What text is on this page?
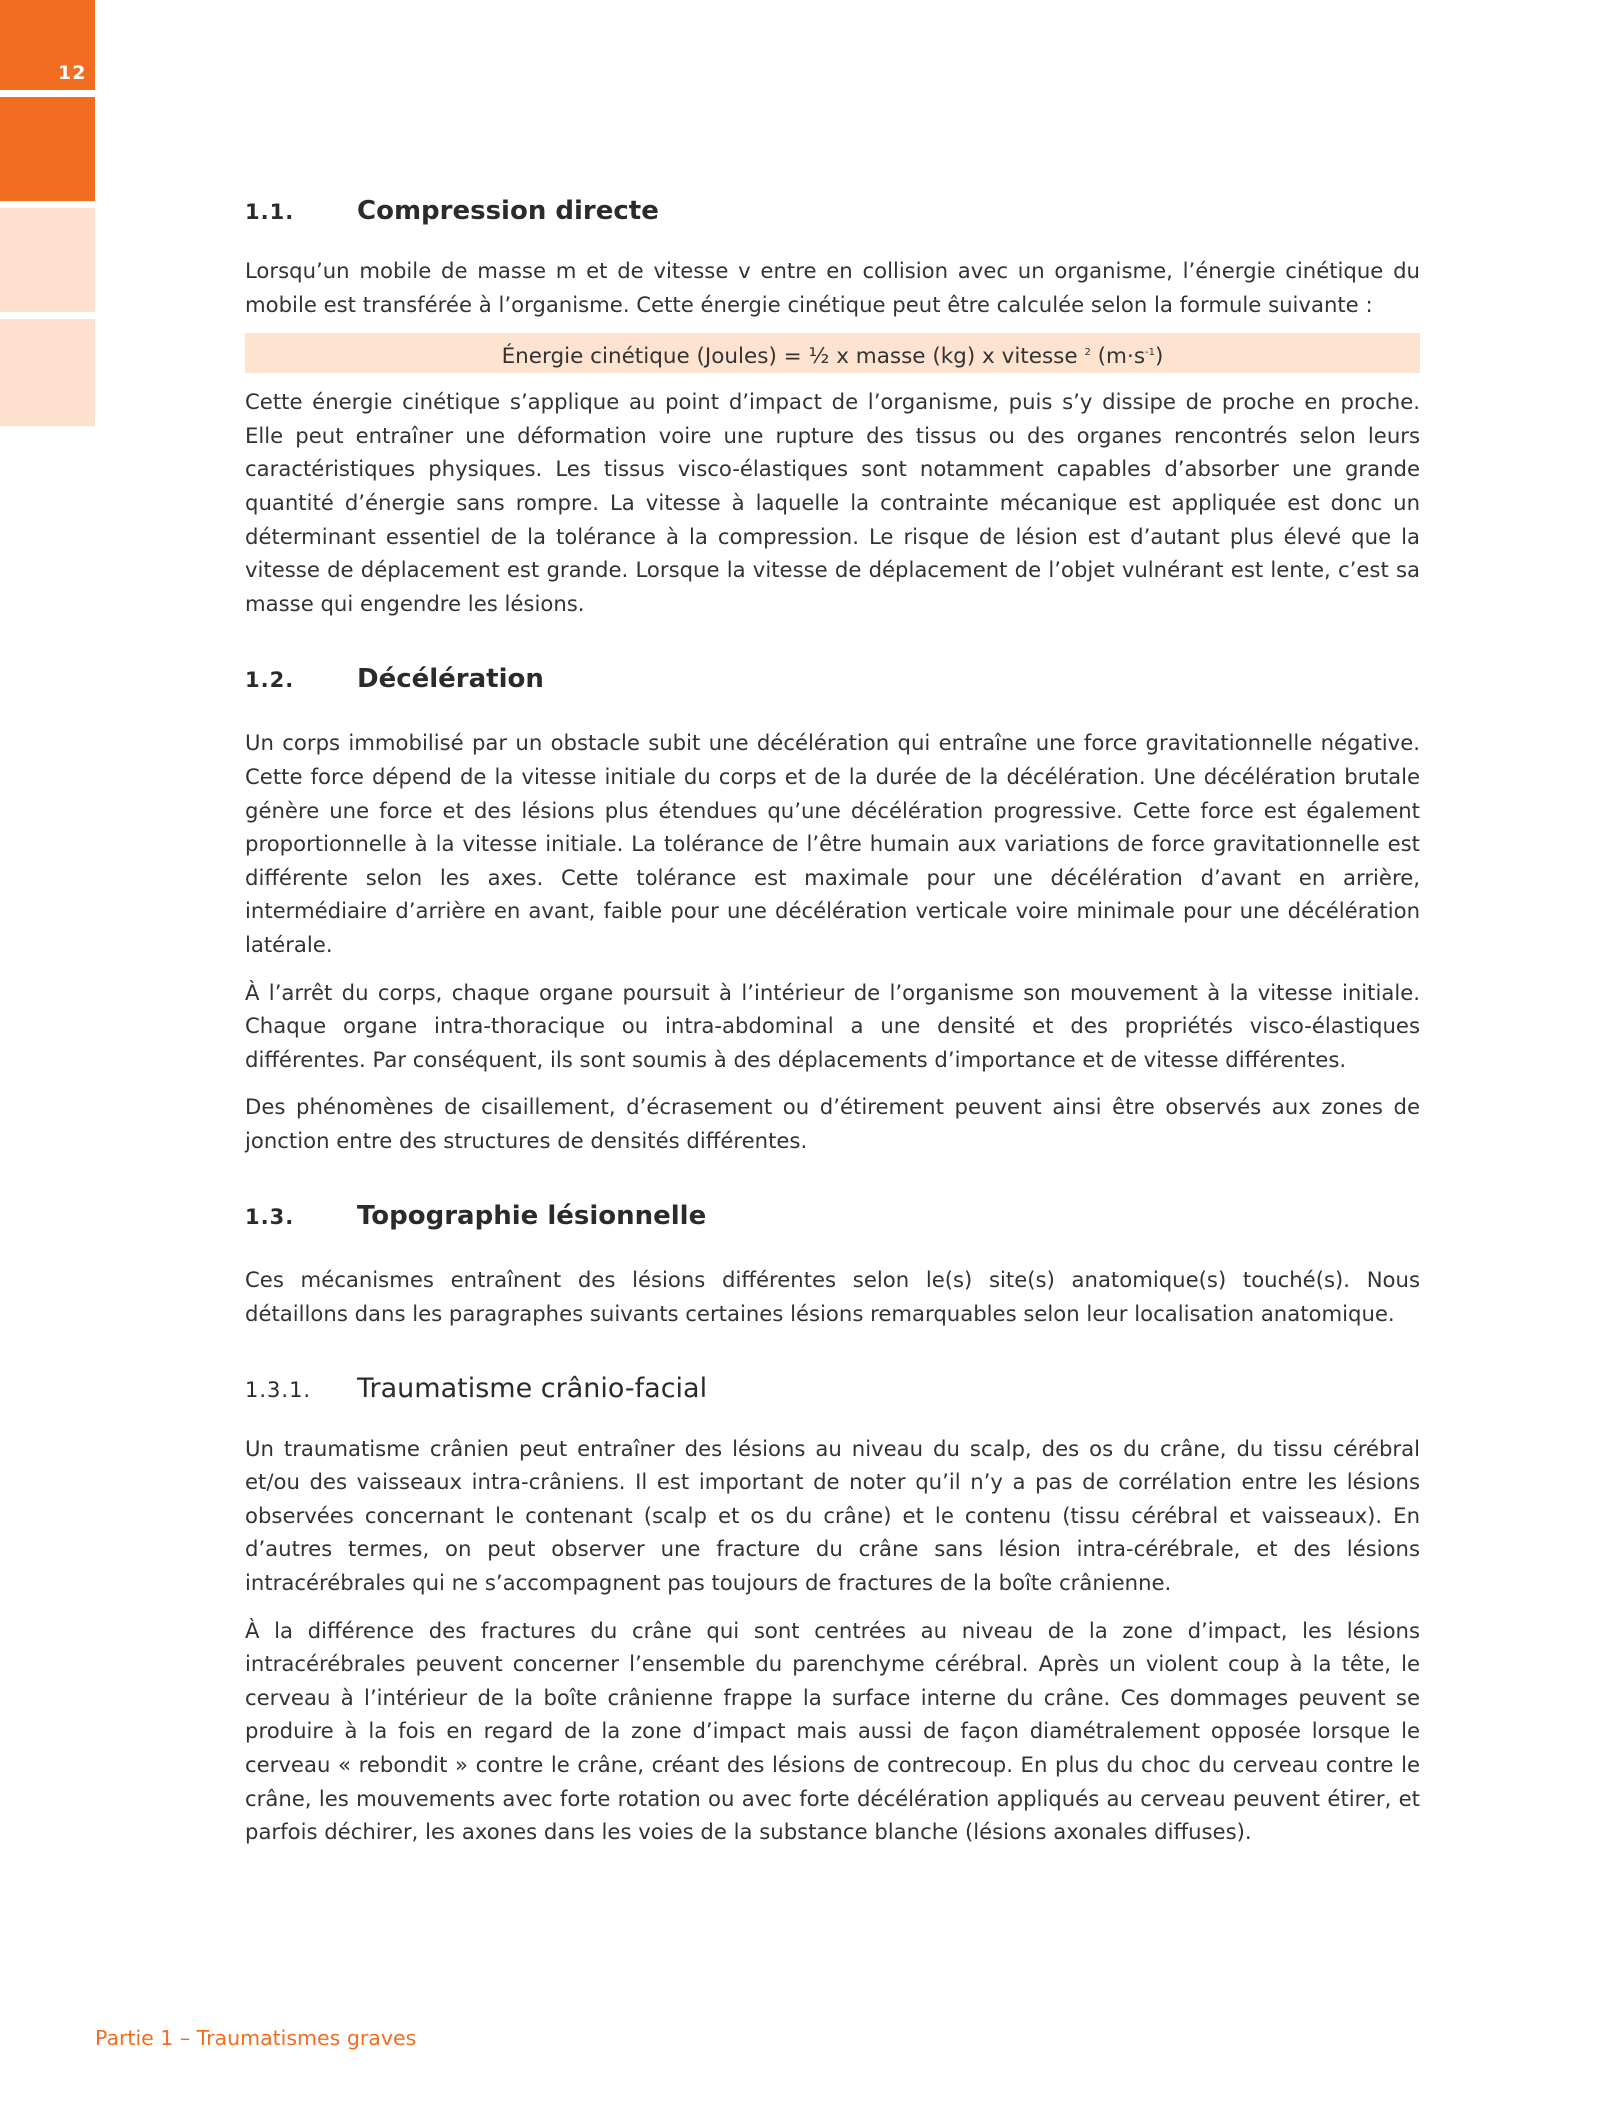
12
1.1.	Compression directe

Lorsqu’un mobile de masse m et de vitesse v entre en collision avec un organisme, l’énergie cinétique du mobile est transférée à l’organisme. Cette énergie cinétique peut être calculée selon la formule suivante :

Énergie cinétique (Joules) = ½ x masse (kg) x vitesse $^2$ $(m\cdot s^{-1})$

Cette énergie cinétique s’applique au point d’impact de l’organisme, puis s’y dissipe de proche en proche. Elle peut entraîner une déformation voire une rupture des tissus ou des organes rencontrés selon leurs caractéristiques physiques. Les tissus visco-élastiques sont notamment capables d’absorber une grande quantité d’énergie sans rompre. La vitesse à laquelle la contrainte mécanique est appliquée est donc un déterminant essentiel de la tolérance à la compression. Le risque de lésion est d’autant plus élevé que la vitesse de déplacement est grande. Lorsque la vitesse de déplacement de l’objet vulnérant est lente, c’est sa masse qui engendre les lésions.

1.2.	Décélération

Un corps immobilisé par un obstacle subit une décélération qui entraîne une force gravitationnelle négative. Cette force dépend de la vitesse initiale du corps et de la durée de la décélération. Une décélération brutale génère une force et des lésions plus étendues qu’une décélération progressive. Cette force est également proportionnelle à la vitesse initiale. La tolérance de l’être humain aux variations de force gravitationnelle est différente selon les axes. Cette tolérance est maximale pour une décélération d’avant en arrière, intermédiaire d’arrière en avant, faible pour une décélération verticale voire minimale pour une décélération latérale.

À l’arrêt du corps, chaque organe poursuit à l’intérieur de l’organisme son mouvement à la vitesse initiale. Chaque organe intra-thoracique ou intra-abdominal a une densité et des propriétés visco-élastiques différentes. Par conséquent, ils sont soumis à des déplacements d’importance et de vitesse différentes.

Des phénomènes de cisaillement, d’écrasement ou d’étirement peuvent ainsi être observés aux zones de jonction entre des structures de densités différentes.

1.3.	Topographie lésionnelle

Ces mécanismes entraînent des lésions différentes selon le(s) site(s) anatomique(s) touché(s). Nous détaillons dans les paragraphes suivants certaines lésions remarquables selon leur localisation anatomique.

1.3.1.	Traumatisme crânio-facial

Un traumatisme crânien peut entraîner des lésions au niveau du scalp, des os du crâne, du tissu cérébral et/ou des vaisseaux intra-crâniens. Il est important de noter qu’il n’y a pas de corrélation entre les lésions observées concernant le contenant (scalp et os du crâne) et le contenu (tissu cérébral et vaisseaux). En d’autres termes, on peut observer une fracture du crâne sans lésion intra-cérébrale, et des lésions intracérébrales qui ne s’accompagnent pas toujours de fractures de la boîte crânienne.

À la différence des fractures du crâne qui sont centrées au niveau de la zone d’impact, les lésions intracérébrales peuvent concerner l’ensemble du parenchyme cérébral. Après un violent coup à la tête, le cerveau à l’intérieur de la boîte crânienne frappe la surface interne du crâne. Ces dommages peuvent se produire à la fois en regard de la zone d’impact mais aussi de façon diamétralement opposée lorsque le cerveau « rebondit » contre le crâne, créant des lésions de contrecoup. En plus du choc du cerveau contre le crâne, les mouvements avec forte rotation ou avec forte décélération appliqués au cerveau peuvent étirer, et parfois déchirer, les axones dans les voies de la substance blanche (lésions axonales diffuses).

Partie 1 – Traumatismes graves
